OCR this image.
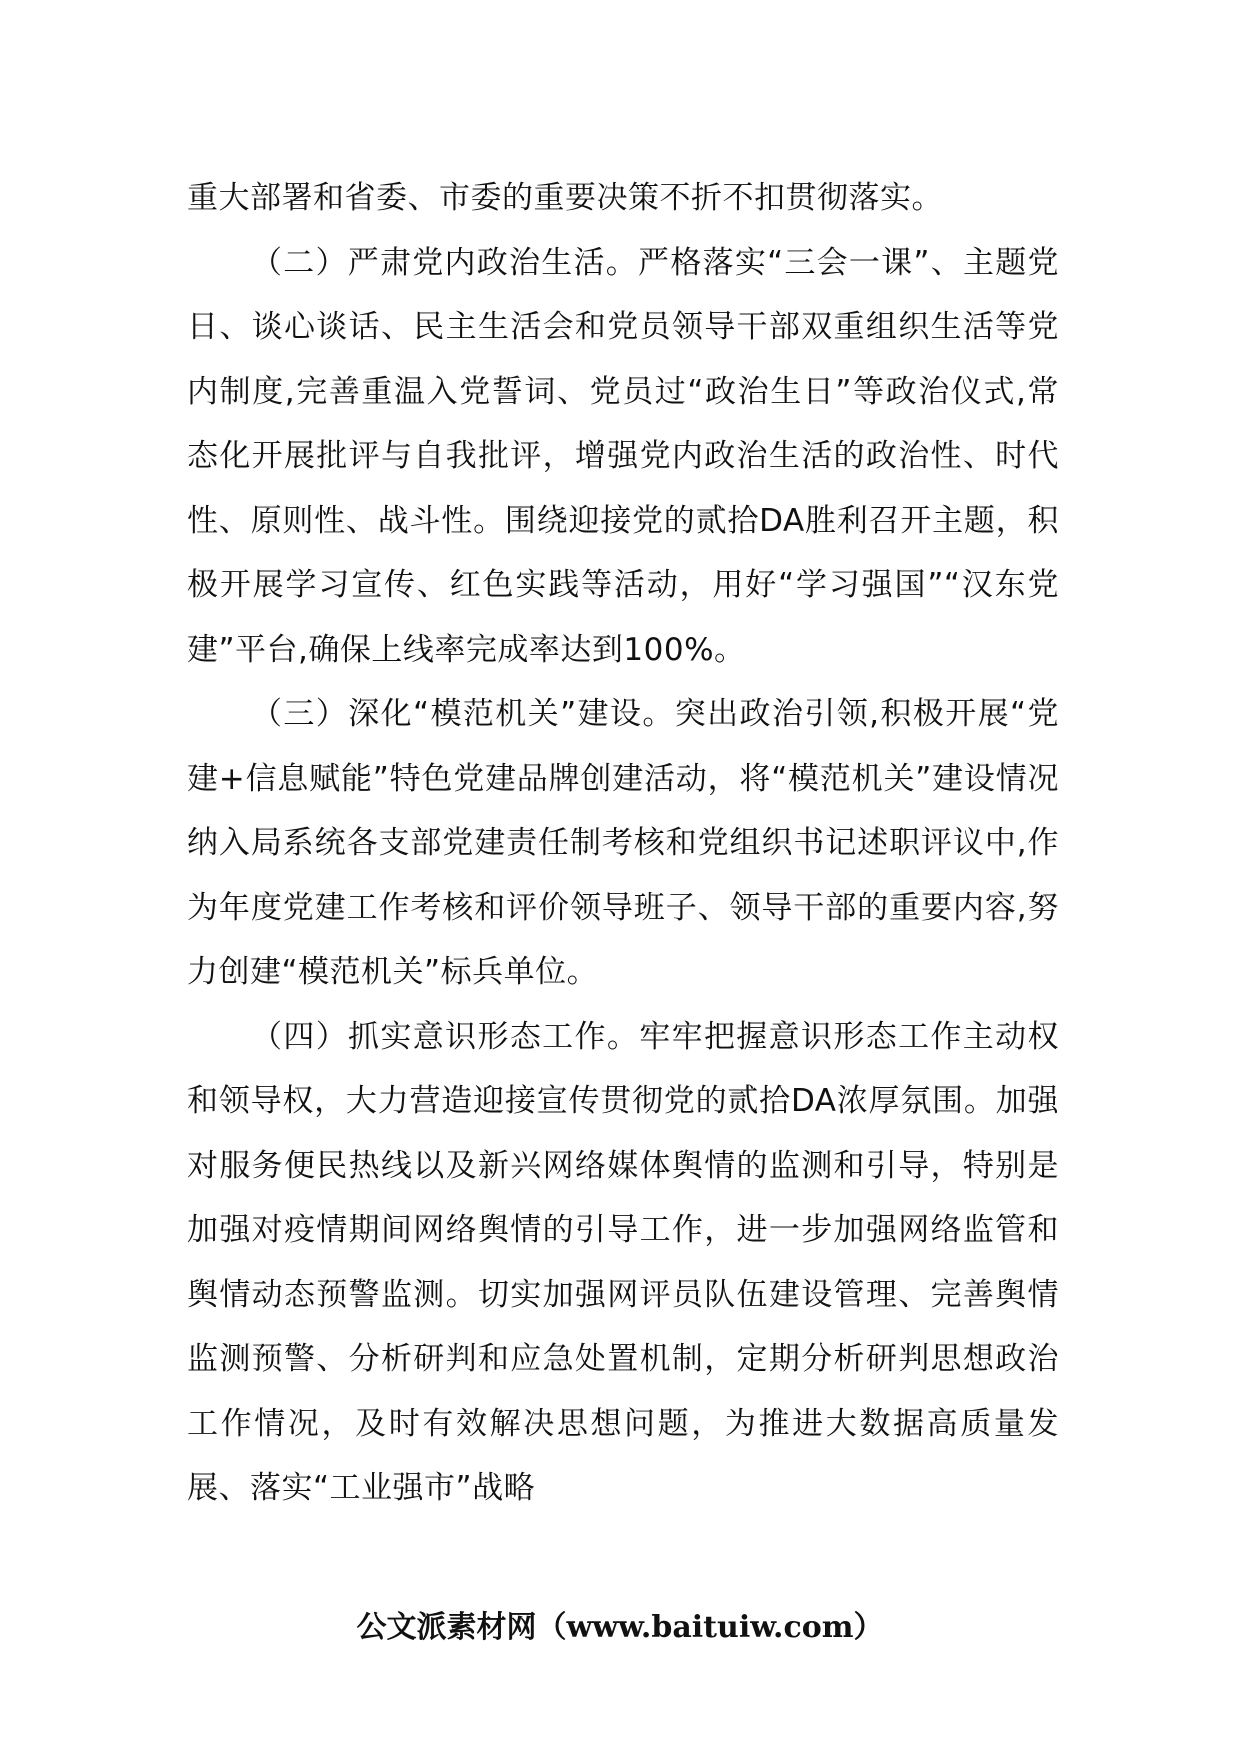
重大部署和省委、市委的重要决策不折不扣贯彻落实。

（二）严肃党内政治生活。严格落实“三会一课”、主题党日、谈心谈话、民主生活会和党员领导干部双重组织生活等党内制度,完善重温入党誓词、党员过“政治生日”等政治仪式,常态化开展批评与自我批评，增强党内政治生活的政治性、时代性、原则性、战斗性。围绕迎接党的贰拾DA胜利召开主题，积极开展学习宣传、红色实践等活动，用好“学习强国”“汉东党建”平台,确保上线率完成率达到100%。

（三）深化“模范机关”建设。突出政治引领,积极开展“党建+信息赋能”特色党建品牌创建活动，将“模范机关”建设情况纳入局系统各支部党建责任制考核和党组织书记述职评议中,作为年度党建工作考核和评价领导班子、领导干部的重要内容,努力创建“模范机关”标兵单位。

（四）抓实意识形态工作。牢牢把握意识形态工作主动权和领导权，大力营造迎接宣传贯彻党的贰拾DA浓厚氛围。加强对服务便民热线以及新兴网络媒体舆情的监测和引导，特别是加强对疫情期间网络舆情的引导工作，进一步加强网络监管和舆情动态预警监测。切实加强网评员队伍建设管理、完善舆情监测预警、分析研判和应急处置机制，定期分析研判思想政治工作情况，及时有效解决思想问题，为推进大数据高质量发展、落实“工业强市”战略

公文派素材网（www.baituiw.com）
